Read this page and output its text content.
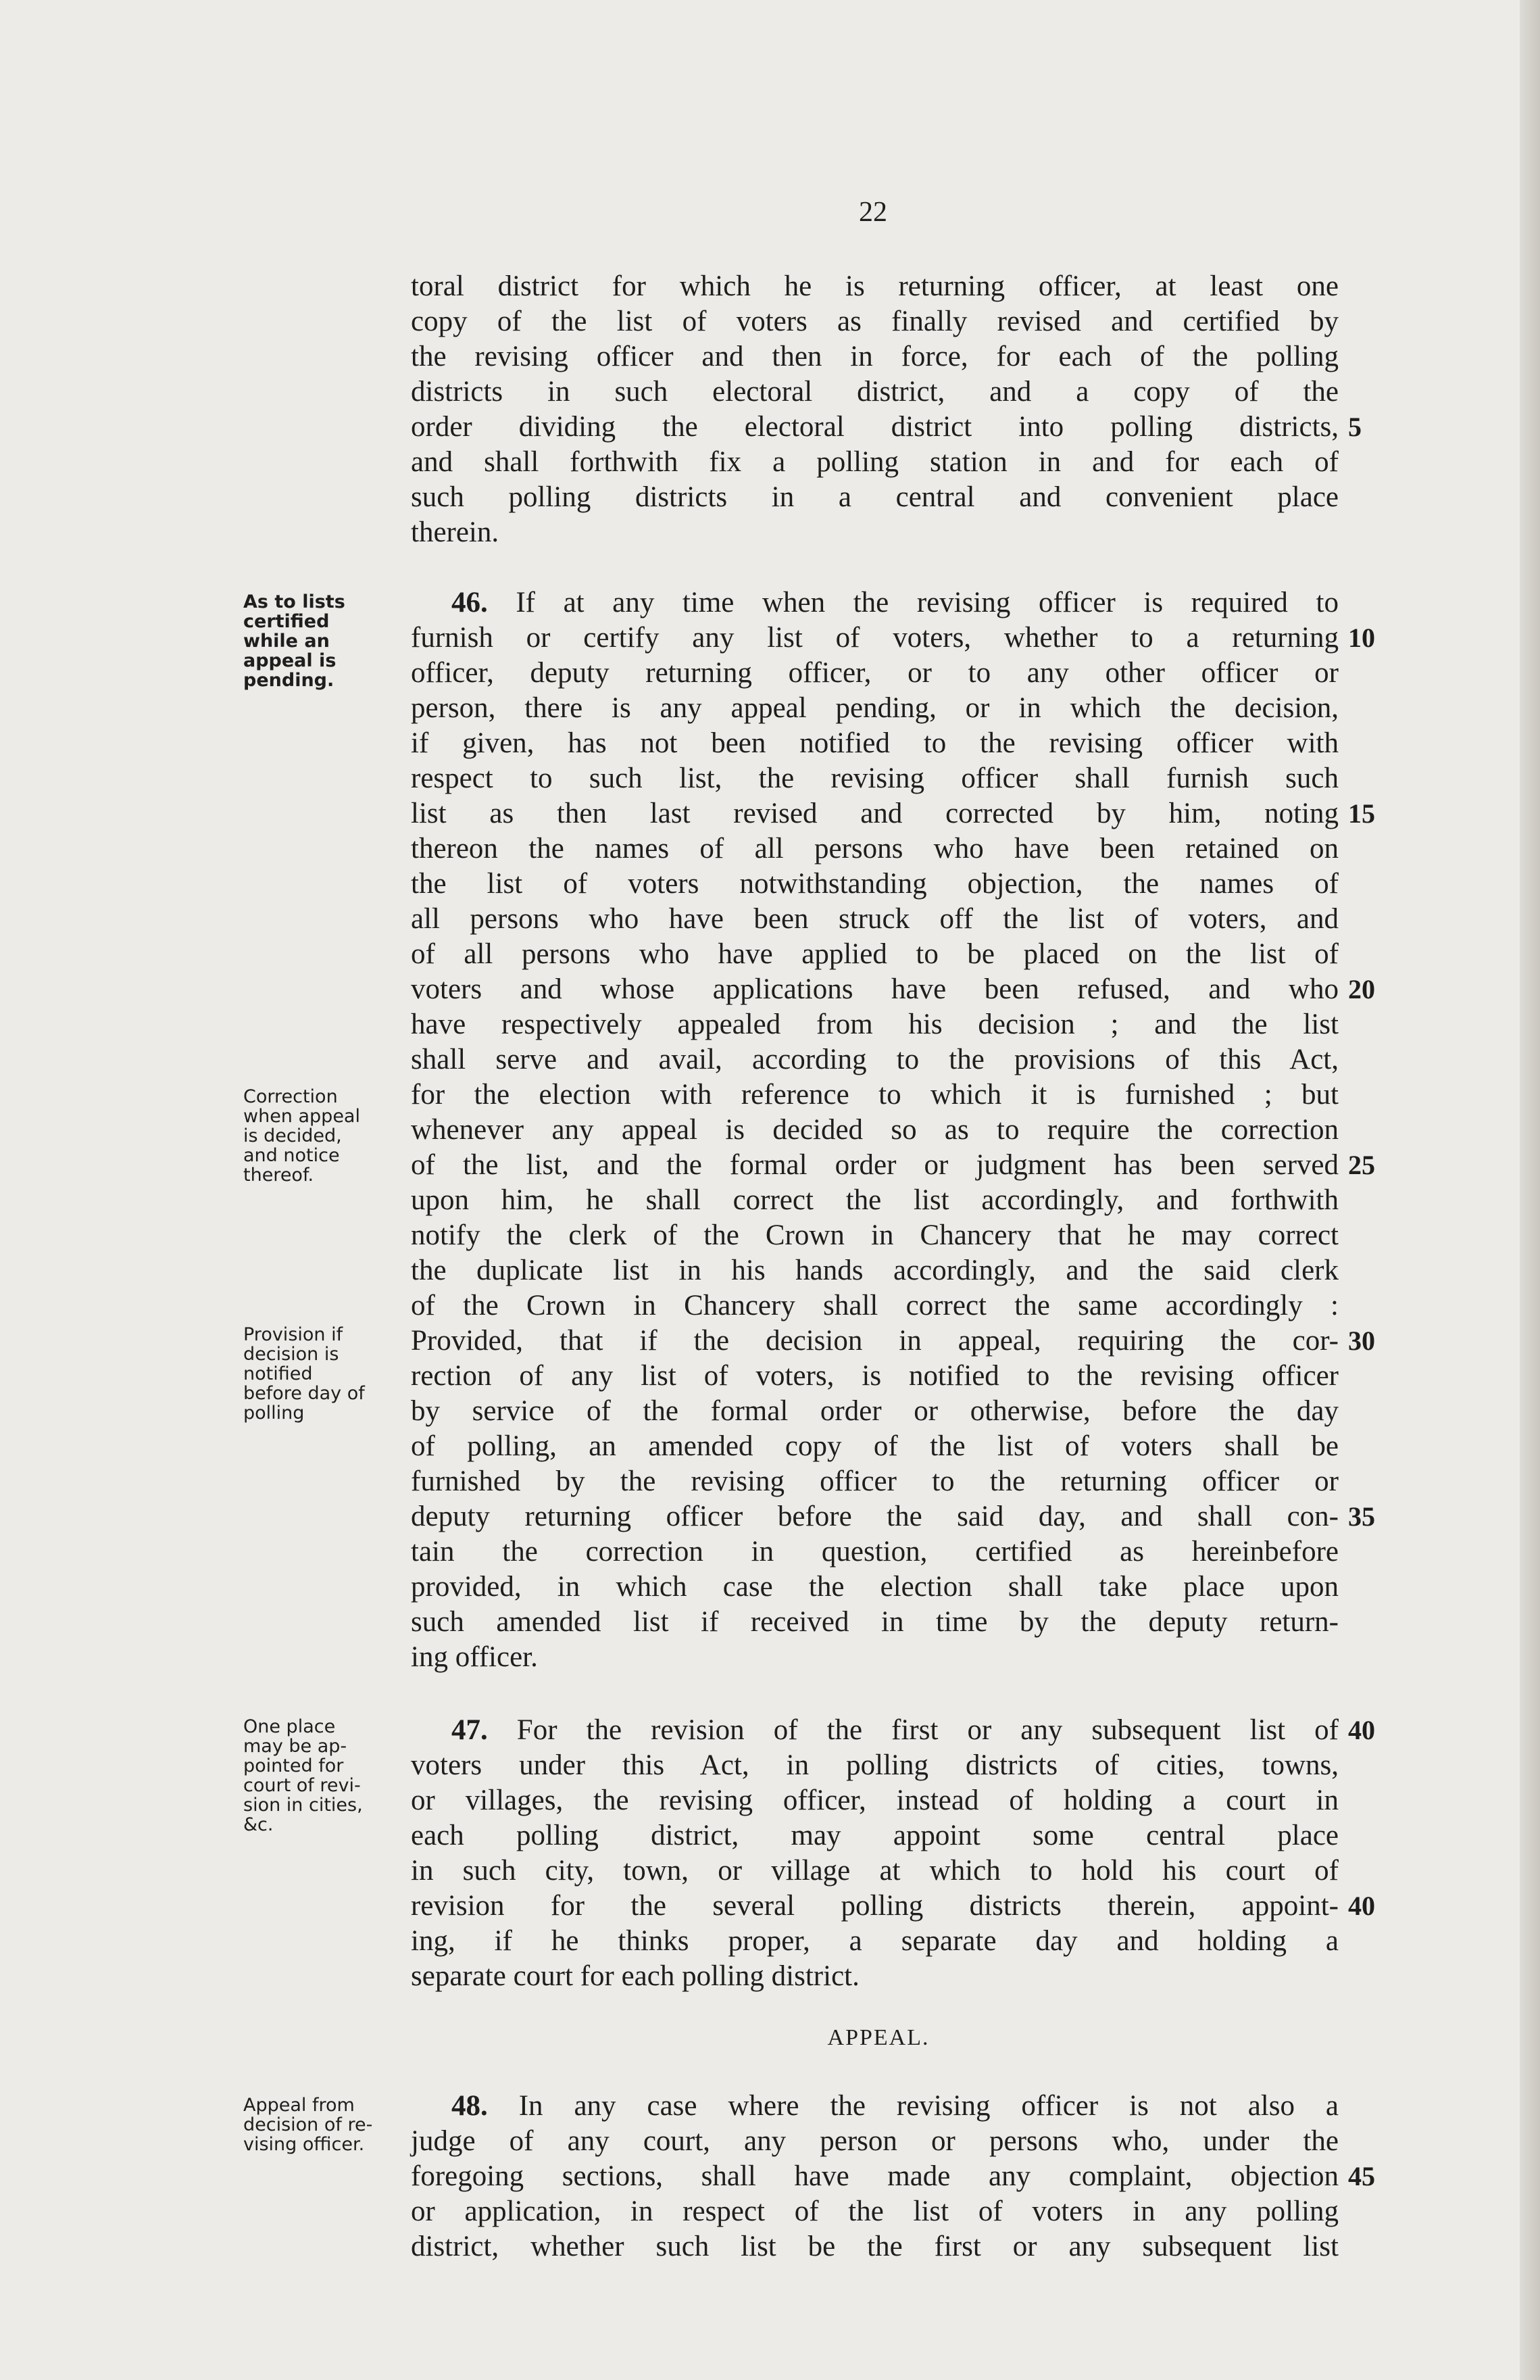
22
As to lists
certified
while an
appeal is
pending.
Correction
when appeal
is decided,
and notice
thereof.
Provision if
decision is
notified
before day of
polling
One place
may be ap-
pointed for
court of revi-
sion in cities,
&c.
Appeal from
decision of re-
vising officer.
toral district for which he is returning officer, at least one
copy of the list of voters as finally revised and certified by
the revising officer and then in force, for each of the polling
districts in such electoral district, and a copy of the
order dividing the electoral district into polling districts,
and shall forthwith fix a polling station in and for each of
such polling districts in a central and convenient place
therein.
46. If at any time when the revising officer is required to
furnish or certify any list of voters, whether to a returning
officer, deputy returning officer, or to any other officer or
person, there is any appeal pending, or in which the decision,
if given, has not been notified to the revising officer with
respect to such list, the revising officer shall furnish such
list as then last revised and corrected by him, noting
thereon the names of all persons who have been retained on
the list of voters notwithstanding objection, the names of
all persons who have been struck off the list of voters, and
of all persons who have applied to be placed on the list of
voters and whose applications have been refused, and who
have respectively appealed from his decision ; and the list
shall serve and avail, according to the provisions of this Act,
for the election with reference to which it is furnished ; but
whenever any appeal is decided so as to require the correction
of the list, and the formal order or judgment has been served
upon him, he shall correct the list accordingly, and forthwith
notify the clerk of the Crown in Chancery that he may correct
the duplicate list in his hands accordingly, and the said clerk
of the Crown in Chancery shall correct the same accordingly :
Provided, that if the decision in appeal, requiring the cor-
rection of any list of voters, is notified to the revising officer
by service of the formal order or otherwise, before the day
of polling, an amended copy of the list of voters shall be
furnished by the revising officer to the returning officer or
deputy returning officer before the said day, and shall con-
tain the correction in question, certified as hereinbefore
provided, in which case the election shall take place upon
such amended list if received in time by the deputy return-
ing officer.
47. For the revision of the first or any subsequent list of
voters under this Act, in polling districts of cities, towns,
or villages, the revising officer, instead of holding a court in
each polling district, may appoint some central place
in such city, town, or village at which to hold his court of
revision for the several polling districts therein, appoint-
ing, if he thinks proper, a separate day and holding a
separate court for each polling district.
APPEAL.
48. In any case where the revising officer is not also a
judge of any court, any person or persons who, under the
foregoing sections, shall have made any complaint, objection
or application, in respect of the list of voters in any polling
district, whether such list be the first or any subsequent list
5
10
15
20
25
30
35
40
40
45
